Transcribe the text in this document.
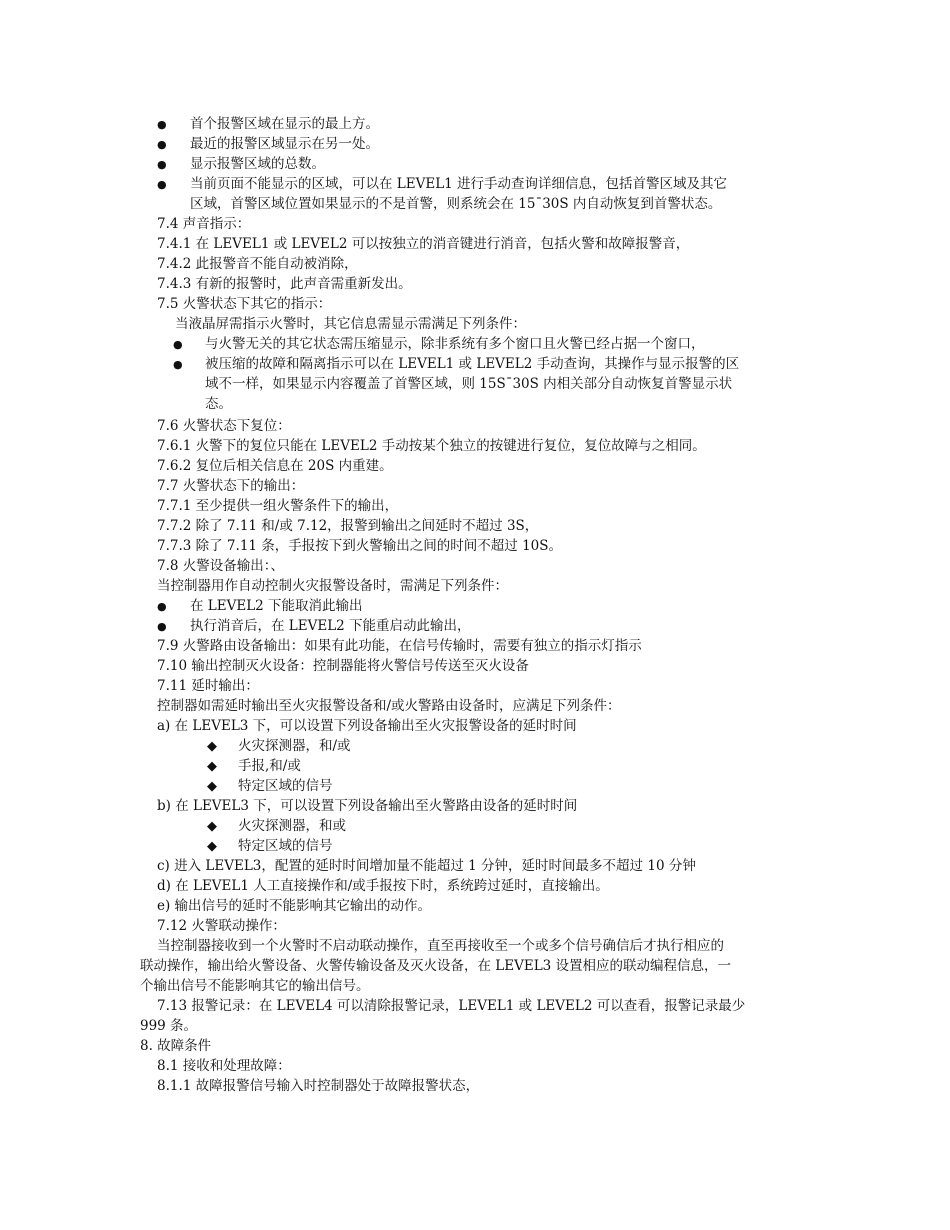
● 首个报警区域在显示的最上方。
● 最近的报警区域显示在另一处。
● 显示报警区域的总数。
● 当前页面不能显示的区域，可以在 LEVEL1 进行手动查询详细信息，包括首警区域及其它
区域，首警区域位置如果显示的不是首警，则系统会在 15¯30S 内自动恢复到首警状态。
7.4 声音指示：
7.4.1 在 LEVEL1 或 LEVEL2 可以按独立的消音键进行消音，包括火警和故障报警音，
7.4.2 此报警音不能自动被消除，
7.4.3 有新的报警时，此声音需重新发出。
7.5 火警状态下其它的指示：
当液晶屏需指示火警时，其它信息需显示需满足下列条件：
● 与火警无关的其它状态需压缩显示，除非系统有多个窗口且火警已经占据一个窗口，
● 被压缩的故障和隔离指示可以在 LEVEL1 或 LEVEL2 手动查询，其操作与显示报警的区
域不一样，如果显示内容覆盖了首警区域，则 15S¯30S 内相关部分自动恢复首警显示状
态。
7.6 火警状态下复位：
7.6.1 火警下的复位只能在 LEVEL2 手动按某个独立的按键进行复位，复位故障与之相同。
7.6.2 复位后相关信息在 20S 内重建。
7.7 火警状态下的输出：
7.7.1 至少提供一组火警条件下的输出，
7.7.2 除了 7.11 和/或 7.12，报警到输出之间延时不超过 3S，
7.7.3 除了 7.11 条，手报按下到火警输出之间的时间不超过 10S。
7.8 火警设备输出：、
当控制器用作自动控制火灾报警设备时，需满足下列条件：
● 在 LEVEL2 下能取消此输出
● 执行消音后，在 LEVEL2 下能重启动此输出，
7.9 火警路由设备输出：如果有此功能，在信号传输时，需要有独立的指示灯指示
7.10 输出控制灭火设备：控制器能将火警信号传送至灭火设备
7.11 延时输出：
控制器如需延时输出至火灾报警设备和/或火警路由设备时，应满足下列条件：
a) 在 LEVEL3 下，可以设置下列设备输出至火灾报警设备的延时时间
◆ 火灾探测器，和/或
◆ 手报,和/或
◆ 特定区域的信号
b) 在 LEVEL3 下，可以设置下列设备输出至火警路由设备的延时时间
◆ 火灾探测器，和或
◆ 特定区域的信号
c) 进入 LEVEL3，配置的延时时间增加量不能超过 1 分钟，延时时间最多不超过 10 分钟
d) 在 LEVEL1 人工直接操作和/或手报按下时，系统跨过延时，直接输出。
e) 输出信号的延时不能影响其它输出的动作。
7.12 火警联动操作：
当控制器接收到一个火警时不启动联动操作，直至再接收至一个或多个信号确信后才执行相应的
联动操作，输出给火警设备、火警传输设备及灭火设备，在 LEVEL3 设置相应的联动编程信息，一
个输出信号不能影响其它的输出信号。
7.13 报警记录：在 LEVEL4 可以清除报警记录，LEVEL1 或 LEVEL2 可以查看，报警记录最少
999 条。
8. 故障条件
8.1 接收和处理故障：
8.1.1 故障报警信号输入时控制器处于故障报警状态，
